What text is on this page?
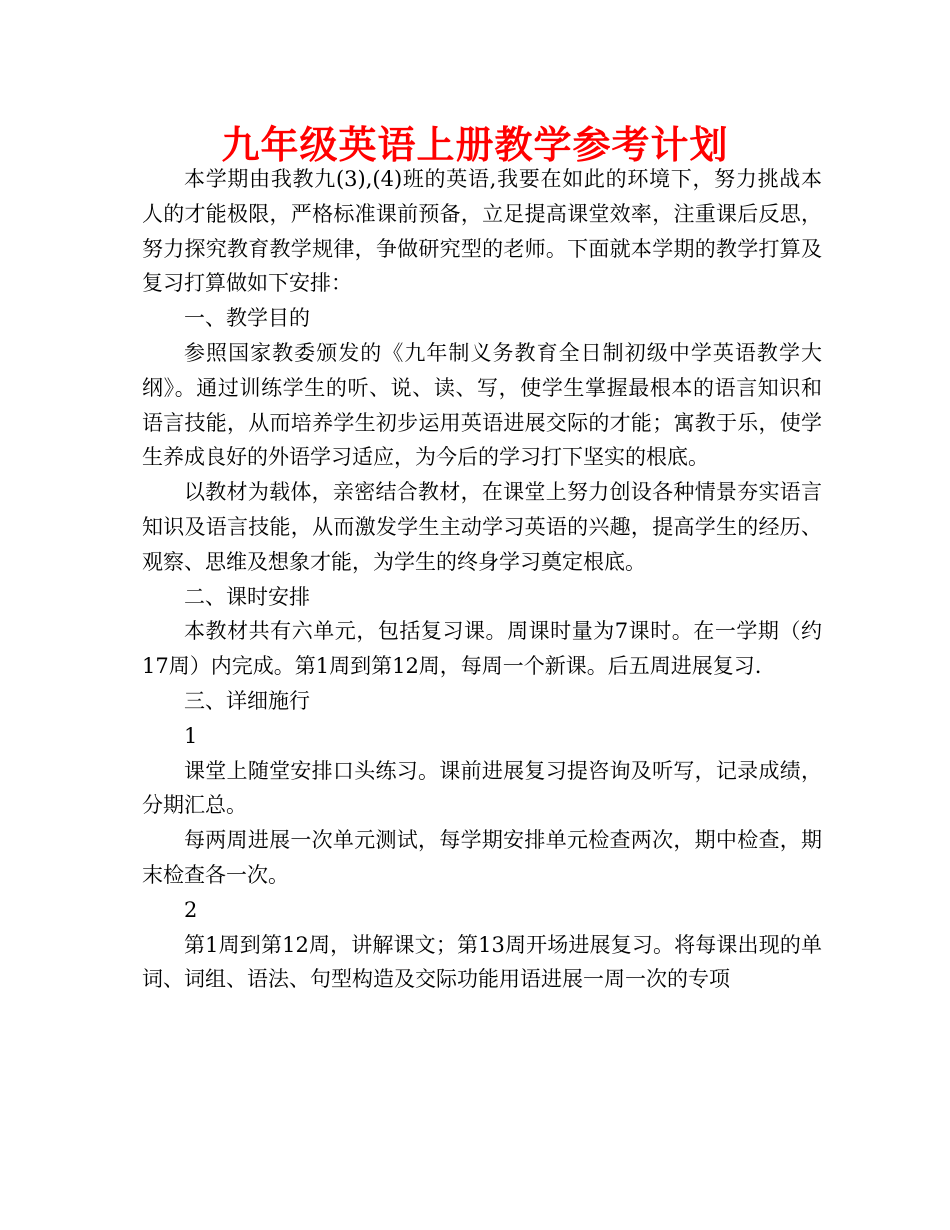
九年级英语上册教学参考计划

本学期由我教九(3),(4)班的英语,我要在如此的环境下，努力挑战本人的才能极限，严格标准课前预备，立足提高课堂效率，注重课后反思，努力探究教育教学规律，争做研究型的老师。下面就本学期的教学打算及复习打算做如下安排：

一、教学目的

参照国家教委颁发的《九年制义务教育全日制初级中学英语教学大纲》。通过训练学生的听、说、读、写，使学生掌握最根本的语言知识和语言技能，从而培养学生初步运用英语进展交际的才能；寓教于乐，使学生养成良好的外语学习适应，为今后的学习打下坚实的根底。

以教材为载体，亲密结合教材，在课堂上努力创设各种情景夯实语言知识及语言技能，从而激发学生主动学习英语的兴趣，提高学生的经历、观察、思维及想象才能，为学生的终身学习奠定根底。

二、课时安排

本教材共有六单元，包括复习课。周课时量为7课时。在一学期（约17周）内完成。第1周到第12周，每周一个新课。后五周进展复习.

三、详细施行

1

课堂上随堂安排口头练习。课前进展复习提咨询及听写，记录成绩，分期汇总。

每两周进展一次单元测试，每学期安排单元检查两次，期中检查，期末检查各一次。

2

第1周到第12周，讲解课文；第13周开场进展复习。将每课出现的单词、词组、语法、句型构造及交际功能用语进展一周一次的专项
